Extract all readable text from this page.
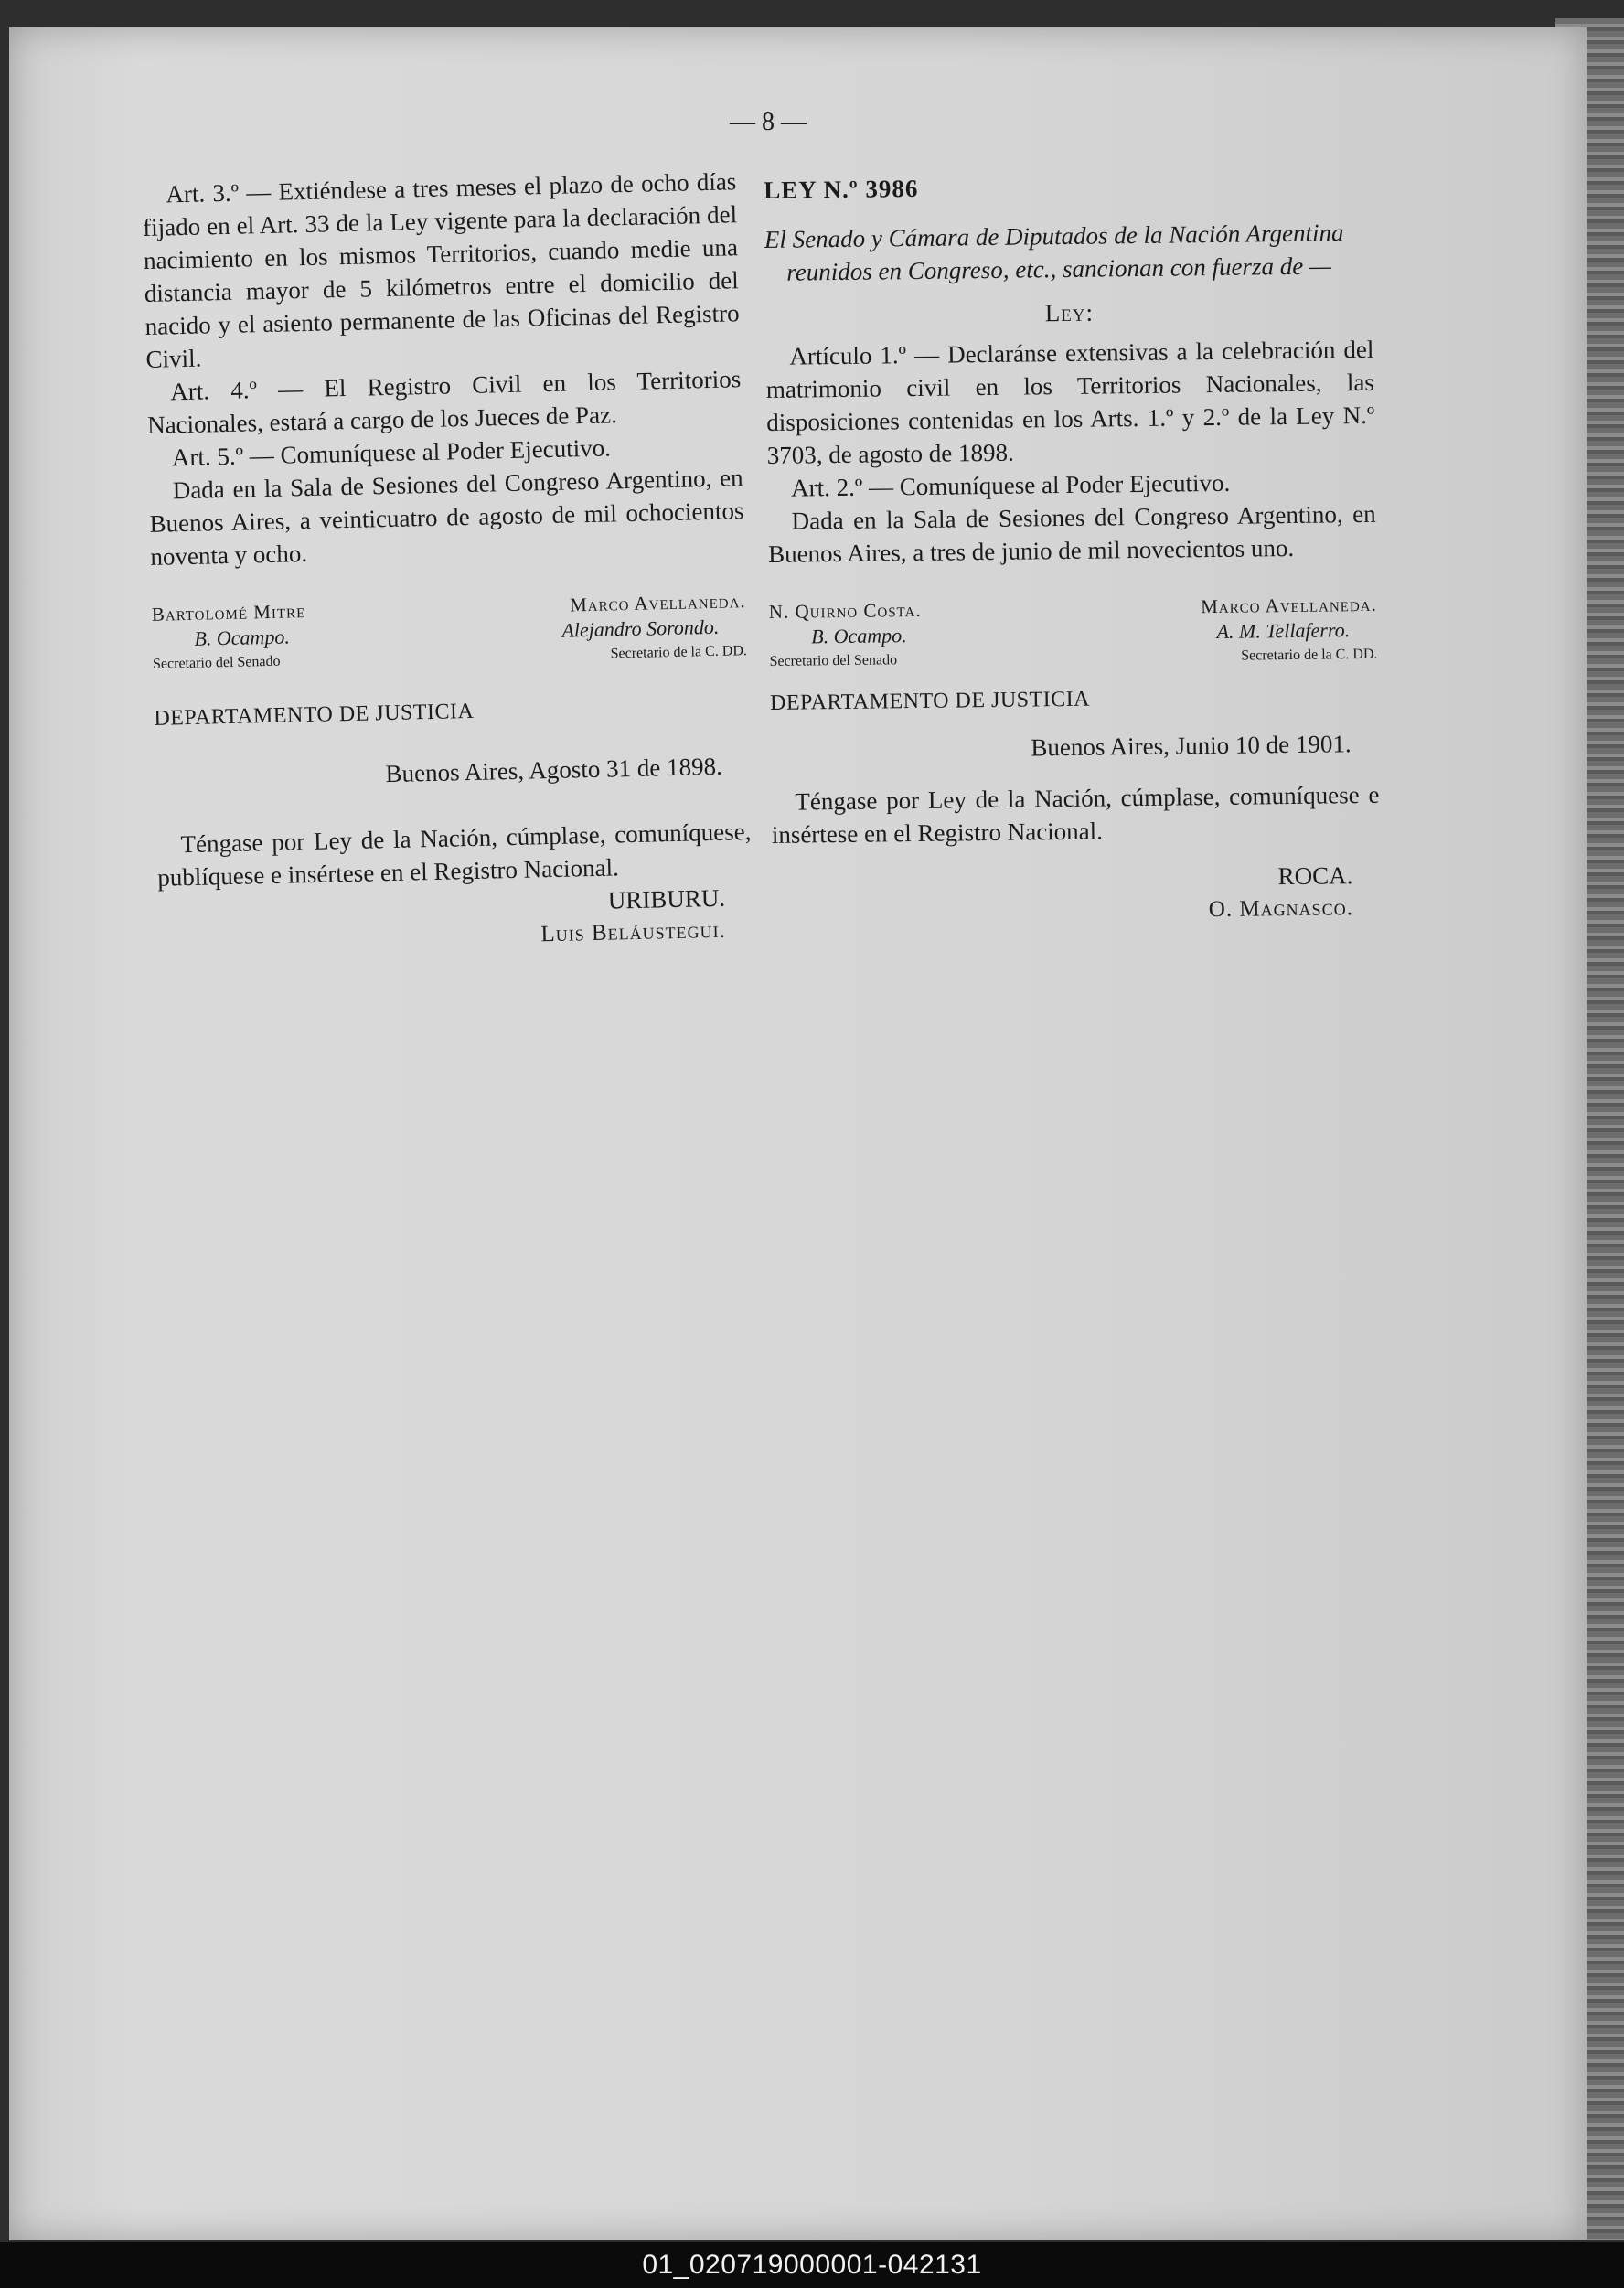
— 8 —

Art. 3.º — Extiéndese a tres meses el plazo de ocho días fijado en el Art. 33 de la Ley vigente para la declaración del nacimiento en los mismos Territorios, cuando medie una distancia mayor de 5 kilómetros entre el domicilio del nacido y el asiento permanente de las Oficinas del Registro Civil.

Art. 4.º — El Registro Civil en los Territorios Nacionales, estará a cargo de los Jueces de Paz.

Art. 5.º — Comuníquese al Poder Ejecutivo.

Dada en la Sala de Sesiones del Congreso Argentino, en Buenos Aires, a veinticuatro de agosto de mil ochocientos noventa y ocho.

Bartolomé Mitre
B. Ocampo.
Secretario del Senado
Marco Avellaneda.
Alejandro Sorondo.
Secretario de la C. DD.

DEPARTAMENTO DE JUSTICIA

Buenos Aires, Agosto 31 de 1898.

Téngase por Ley de la Nación, cúmplase, comuníquese, publíquese e insértese en el Registro Nacional.

URIBURU.

Luis Beláustegui.

LEY N.º 3986

El Senado y Cámara de Diputados de la Nación Argentina reunidos en Congreso, etc., sancionan con fuerza de —

Ley:

Artículo 1.º — Declaránse extensivas a la celebración del matrimonio civil en los Territorios Nacionales, las disposiciones contenidas en los Arts. 1.º y 2.º de la Ley N.º 3703, de agosto de 1898.

Art. 2.º — Comuníquese al Poder Ejecutivo.

Dada en la Sala de Sesiones del Congreso Argentino, en Buenos Aires, a tres de junio de mil novecientos uno.

N. Quirno Costa.
B. Ocampo.
Secretario del Senado
Marco Avellaneda.
A. M. Tellaferro.
Secretario de la C. DD.

DEPARTAMENTO DE JUSTICIA

Buenos Aires, Junio 10 de 1901.

Téngase por Ley de la Nación, cúmplase, comuníquese e insértese en el Registro Nacional.

ROCA.

O. Magnasco.

01_020719000001-042131
